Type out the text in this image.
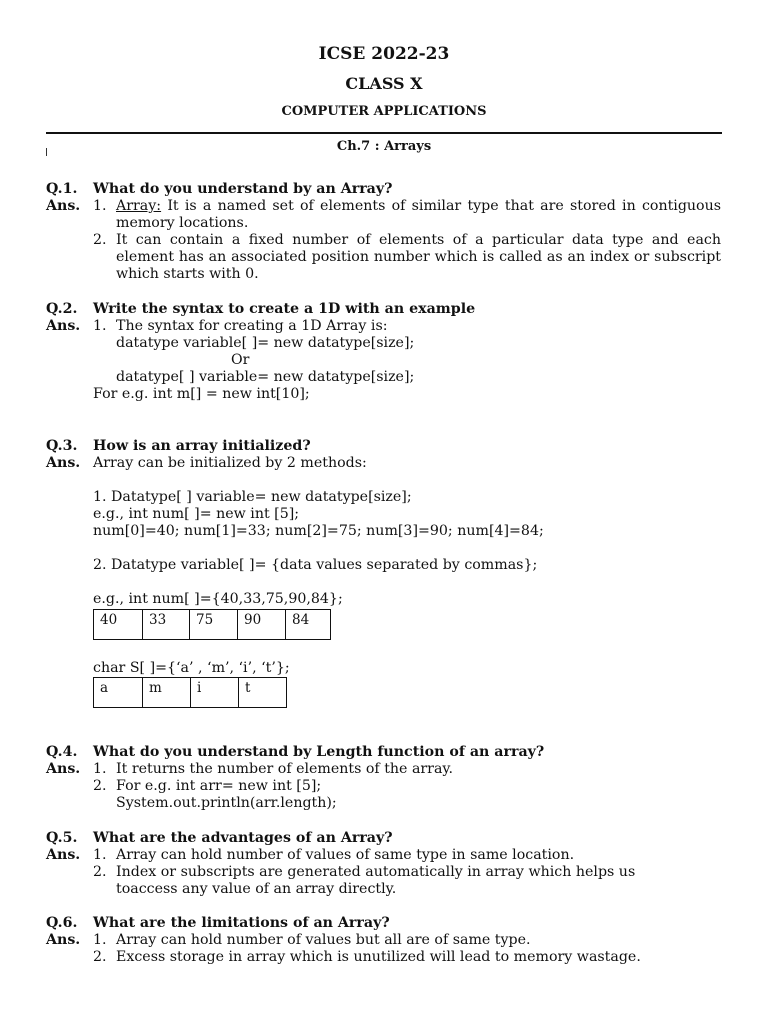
ICSE 2022-23
CLASS X
COMPUTER APPLICATIONS
Ch.7 : Arrays
Q.1. What do you understand by an Array?
Ans. 1. Array: It is a named set of elements of similar type that are stored in contiguous memory locations.
2. It can contain a fixed number of elements of a particular data type and each element has an associated position number which is called as an index or subscript which starts with 0.
Q.2. Write the syntax to create a 1D with an example
Ans. 1. The syntax for creating a 1D Array is:
datatype variable[ ]= new datatype[size];
Or
datatype[ ] variable= new datatype[size];
For e.g. int m[] = new int[10];
Q.3. How is an array initialized?
Ans. Array can be initialized by 2 methods:
1. Datatype[ ] variable= new datatype[size];
e.g., int num[ ]= new int [5];
num[0]=40; num[1]=33; num[2]=75; num[3]=90; num[4]=84;
2. Datatype variable[ ]= {data values separated by commas};
e.g., int num[ ]={40,33,75,90,84};
40	33	75	90	84
char S[ ]={‘a’ , ‘m’, ‘i’, ‘t’};
a	m	i	t
Q.4. What do you understand by Length function of an array?
Ans. 1. It returns the number of elements of the array.
2. For e.g. int arr= new int [5];
System.out.println(arr.length);
Q.5. What are the advantages of an Array?
Ans. 1. Array can hold number of values of same type in same location.
2. Index or subscripts are generated automatically in array which helps us toaccess any value of an array directly.
Q.6. What are the limitations of an Array?
Ans. 1. Array can hold number of values but all are of same type.
2. Excess storage in array which is unutilized will lead to memory wastage.
